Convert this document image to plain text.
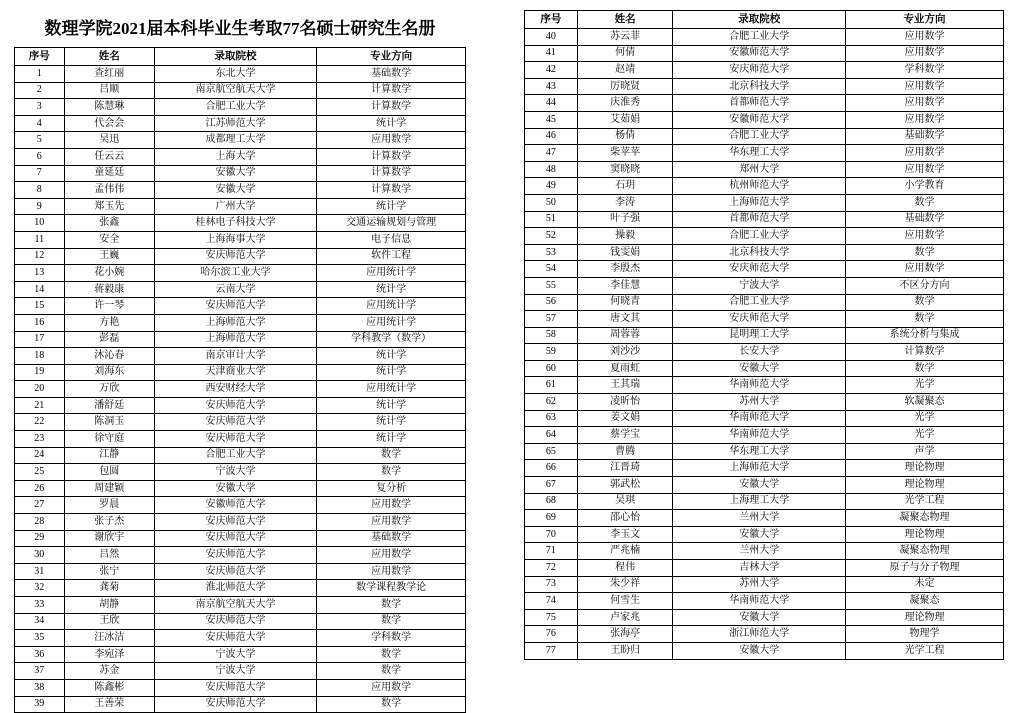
数理学院2021届本科毕业生考取77名硕士研究生名册
序号	姓名	录取院校	专业方向
1	查红丽	东北大学	基础数学
2	吕顺	南京航空航天大学	计算数学
3	陈慧琳	合肥工业大学	计算数学
4	代会会	江苏师范大学	统计学
5	吴迅	成都理工大学	应用数学
6	任云云	上海大学	计算数学
7	童延廷	安徽大学	计算数学
8	孟伟伟	安徽大学	计算数学
9	郑玉先	广州大学	统计学
10	张鑫	桂林电子科技大学	交通运输规划与管理
11	安全	上海海事大学	电子信息
12	王巍	安庆师范大学	软件工程
13	花小婉	哈尔滨工业大学	应用统计学
14	蒋毅康	云南大学	统计学
15	许一琴	安庆师范大学	应用统计学
16	方艳	上海师范大学	应用统计学
17	彭磊	上海师范大学	学科教学（数学）
18	沐沁春	南京审计大学	统计学
19	刘海东	天津商业大学	统计学
20	万欣	西安财经大学	应用统计学
21	潘舒廷	安庆师范大学	统计学
22	陈洞玉	安庆师范大学	统计学
23	徐守庭	安庆师范大学	统计学
24	江静	合肥工业大学	数学
25	包圆	宁波大学	数学
26	周建颖	安徽大学	复分析
27	罗晨	安徽师范大学	应用数学
28	张子杰	安庆师范大学	应用数学
29	谢欣宇	安庆师范大学	基础数学
30	吕然	安庆师范大学	应用数学
31	张宁	安庆师范大学	应用数学
32	龚菊	淮北师范大学	数学课程教学论
33	胡静	南京航空航天大学	数学
34	王欣	安庆师范大学	数学
35	汪冰洁	安庆师范大学	学科数学
36	李宛泽	宁波大学	数学
37	苏金	宁波大学	数学
38	陈鑫彬	安庆师范大学	应用数学
39	王善荣	安庆师范大学	数学
序号	姓名	录取院校	专业方向
40	苏云菲	合肥工业大学	应用数学
41	何倩	安徽师范大学	应用数学
42	赵靖	安庆师范大学	学科数学
43	厉晓贤	北京科技大学	应用数学
44	庆淮秀	首都师范大学	应用数学
45	艾茹娟	安徽师范大学	应用数学
46	杨倩	合肥工业大学	基础数学
47	柴苹苹	华东理工大学	应用数学
48	窦晓晓	郑州大学	应用数学
49	石玥	杭州师范大学	小学教育
50	李涛	上海师范大学	数学
51	叶子强	首都师范大学	基础数学
52	操毅	合肥工业大学	应用数学
53	钱雯娟	北京科技大学	数学
54	李殷杰	安庆师范大学	应用数学
55	李佳慧	宁波大学	不区分方向
56	何晓青	合肥工业大学	数学
57	唐文其	安庆师范大学	数学
58	周蓉蓉	昆明理工大学	系统分析与集成
59	刘沙沙	长安大学	计算数学
60	夏雨虹	安徽大学	数学
61	王其瑞	华南师范大学	光学
62	凌昕怡	苏州大学	软凝聚态
63	姜文娟	华南师范大学	光学
64	蔡学宝	华南师范大学	光学
65	曹腾	华东理工大学	声学
66	江晋琦	上海师范大学	理论物理
67	郭武松	安徽大学	理论物理
68	吴琪	上海理工大学	光学工程
69	邵心怡	兰州大学	凝聚态物理
70	李玉文	安徽大学	理论物理
71	严兆楠	兰州大学	凝聚态物理
72	程伟	吉林大学	原子与分子物理
73	朱少祥	苏州大学	未定
74	何雪生	华南师范大学	凝聚态
75	卢家兆	安徽大学	理论物理
76	张海亭	浙江师范大学	物理学
77	王盼归	安徽大学	光学工程
